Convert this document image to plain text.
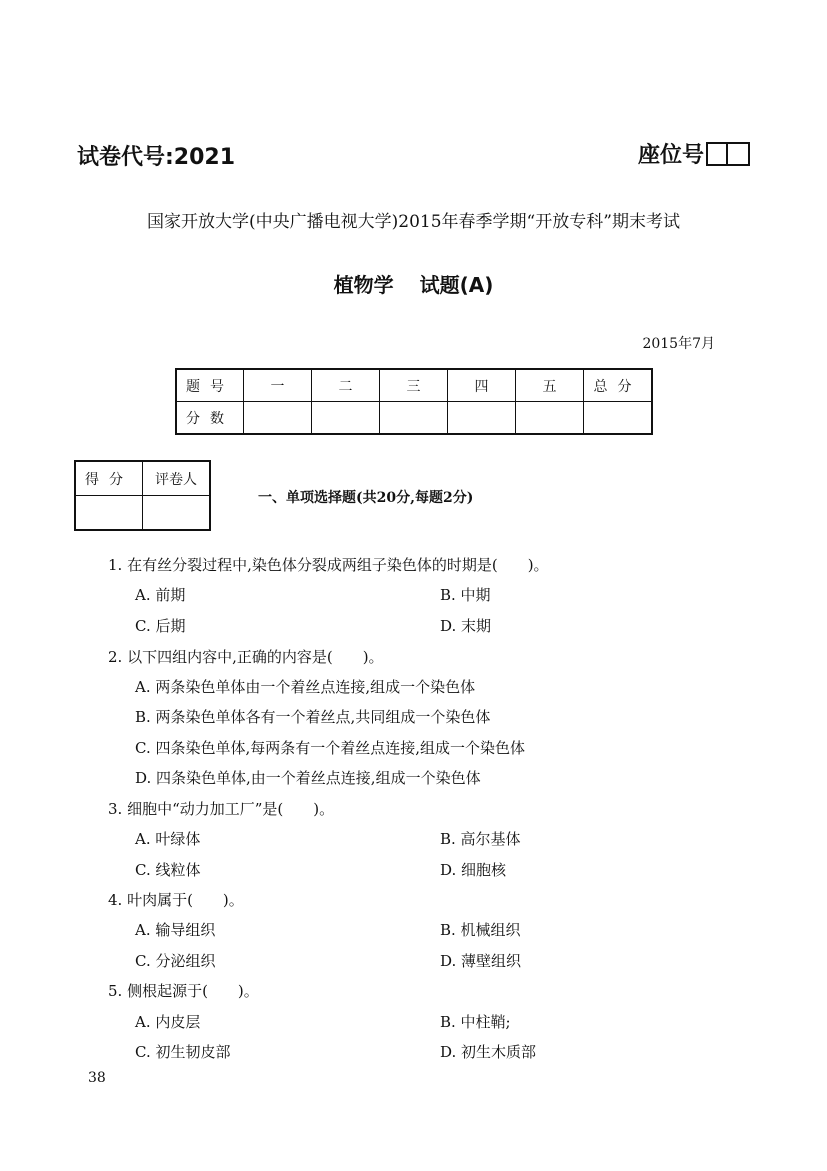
试卷代号:2021	座位号
国家开放大学(中央广播电视大学)2015年春季学期“开放专科”期末考试
植物学 试题(A)
2015年7月
题号	一	二	三	四	五	总分
分数						
得分	评卷人

一、单项选择题(共20分,每题2分)
1. 在有丝分裂过程中,染色体分裂成两组子染色体的时期是(　　)。
A. 前期	B. 中期
C. 后期	D. 末期
2. 以下四组内容中,正确的内容是(　　)。
A. 两条染色单体由一个着丝点连接,组成一个染色体
B. 两条染色单体各有一个着丝点,共同组成一个染色体
C. 四条染色单体,每两条有一个着丝点连接,组成一个染色体
D. 四条染色单体,由一个着丝点连接,组成一个染色体
3. 细胞中“动力加工厂”是(　　)。
A. 叶绿体	B. 高尔基体
C. 线粒体	D. 细胞核
4. 叶肉属于(　　)。
A. 输导组织	B. 机械组织
C. 分泌组织	D. 薄壁组织
5. 侧根起源于(　　)。
A. 内皮层	B. 中柱鞘;
C. 初生韧皮部	D. 初生木质部
38
